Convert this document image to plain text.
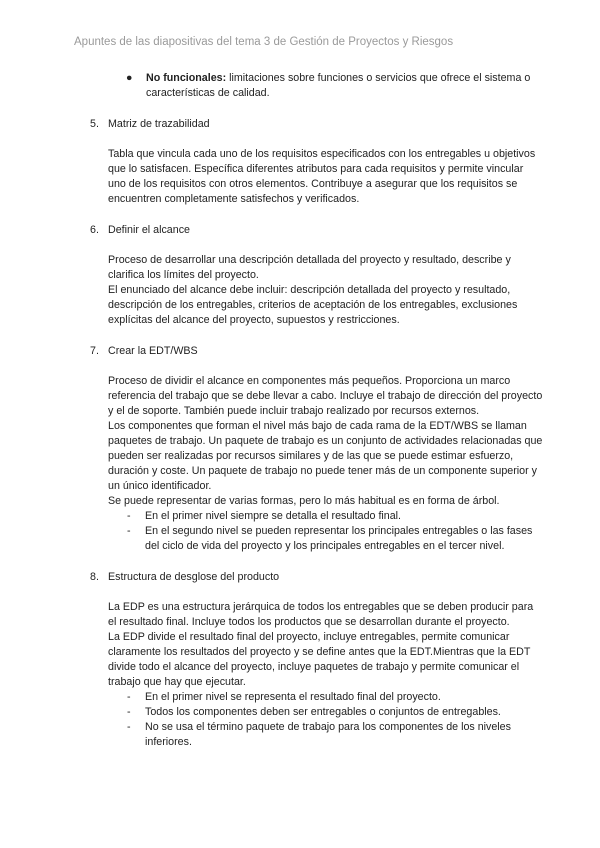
Apuntes de las diapositivas del tema 3 de Gestión de Proyectos y Riesgos
● No funcionales: limitaciones sobre funciones o servicios que ofrece el sistema o características de calidad.
5. Matriz de trazabilidad

Tabla que vincula cada uno de los requisitos especificados con los entregables u objetivos que lo satisfacen. Específica diferentes atributos para cada requisitos y permite vincular uno de los requisitos con otros elementos. Contribuye a asegurar que los requisitos se encuentren completamente satisfechos y verificados.

6. Definir el alcance

Proceso de desarrollar una descripción detallada del proyecto y resultado, describe y clarifica los límites del proyecto.

El enunciado del alcance debe incluir: descripción detallada del proyecto y resultado, descripción de los entregables, criterios de aceptación de los entregables, exclusiones explícitas del alcance del proyecto, supuestos y restricciones.

7. Crear la EDT/WBS

Proceso de dividir el alcance en componentes más pequeños. Proporciona un marco referencia del trabajo que se debe llevar a cabo. Incluye el trabajo de dirección del proyecto y el de soporte. También puede incluir trabajo realizado por recursos externos.

Los componentes que forman el nivel más bajo de cada rama de la EDT/WBS se llaman paquetes de trabajo. Un paquete de trabajo es un conjunto de actividades relacionadas que pueden ser realizadas por recursos similares y de las que se puede estimar esfuerzo, duración y coste. Un paquete de trabajo no puede tener más de un componente superior y un único identificador.

Se puede representar de varias formas, pero lo más habitual es en forma de árbol.

- En el primer nivel siempre se detalla el resultado final.
- En el segundo nivel se pueden representar los principales entregables o las fases del ciclo de vida del proyecto y los principales entregables en el tercer nivel.
8. Estructura de desglose del producto

La EDP es una estructura jerárquica de todos los entregables que se deben producir para el resultado final. Incluye todos los productos que se desarrollan durante el proyecto.

La EDP divide el resultado final del proyecto, incluye entregables, permite comunicar claramente los resultados del proyecto y se define antes que la EDT.Mientras que la EDT divide todo el alcance del proyecto, incluye paquetes de trabajo y permite comunicar el trabajo que hay que ejecutar.

- En el primer nivel se representa el resultado final del proyecto.
- Todos los componentes deben ser entregables o conjuntos de entregables.
- No se usa el término paquete de trabajo para los componentes de los niveles inferiores.
